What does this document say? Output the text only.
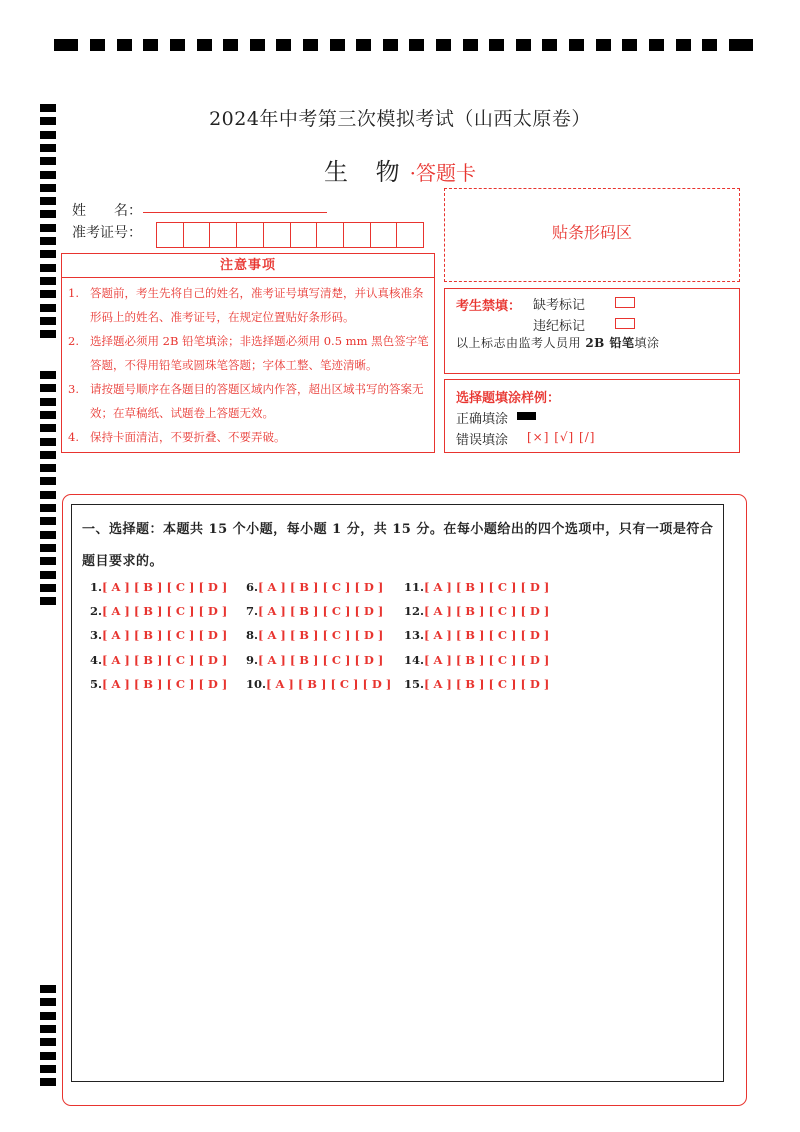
2024年中考第三次模拟考试（山西太原卷）
生 物·答题卡
姓　　名：
准考证号：
注意事项
1. 答题前，考生先将自己的姓名，准考证号填写清楚，并认真核准条形码上的姓名、准考证号，在规定位置贴好条形码。
2. 选择题必须用 2B 铅笔填涂；非选择题必须用 0.5 mm 黑色签字笔答题，不得用铅笔或圆珠笔答题；字体工整、笔迹清晰。
3. 请按题号顺序在各题目的答题区域内作答，超出区域书写的答案无效；在草稿纸、试题卷上答题无效。
4. 保持卡面清洁，不要折叠、不要弄破。
贴条形码区
考生禁填： 缺考标记
违纪标记
以上标志由监考人员用 2B 铅笔填涂
选择题填涂样例：
正确填涂
错误填涂 [×] [√] [/]
一、选择题：本题共 15 个小题，每小题 1 分，共 15 分。在每小题给出的四个选项中，只有一项是符合题目要求的。
1.[ A ] [ B ] [ C ] [ D ]
2.[ A ] [ B ] [ C ] [ D ]
3.[ A ] [ B ] [ C ] [ D ]
4.[ A ] [ B ] [ C ] [ D ]
5.[ A ] [ B ] [ C ] [ D ]
6.[ A ] [ B ] [ C ] [ D ]
7.[ A ] [ B ] [ C ] [ D ]
8.[ A ] [ B ] [ C ] [ D ]
9.[ A ] [ B ] [ C ] [ D ]
10.[ A ] [ B ] [ C ] [ D ]
11.[ A ] [ B ] [ C ] [ D ]
12.[ A ] [ B ] [ C ] [ D ]
13.[ A ] [ B ] [ C ] [ D ]
14.[ A ] [ B ] [ C ] [ D ]
15.[ A ] [ B ] [ C ] [ D ]
